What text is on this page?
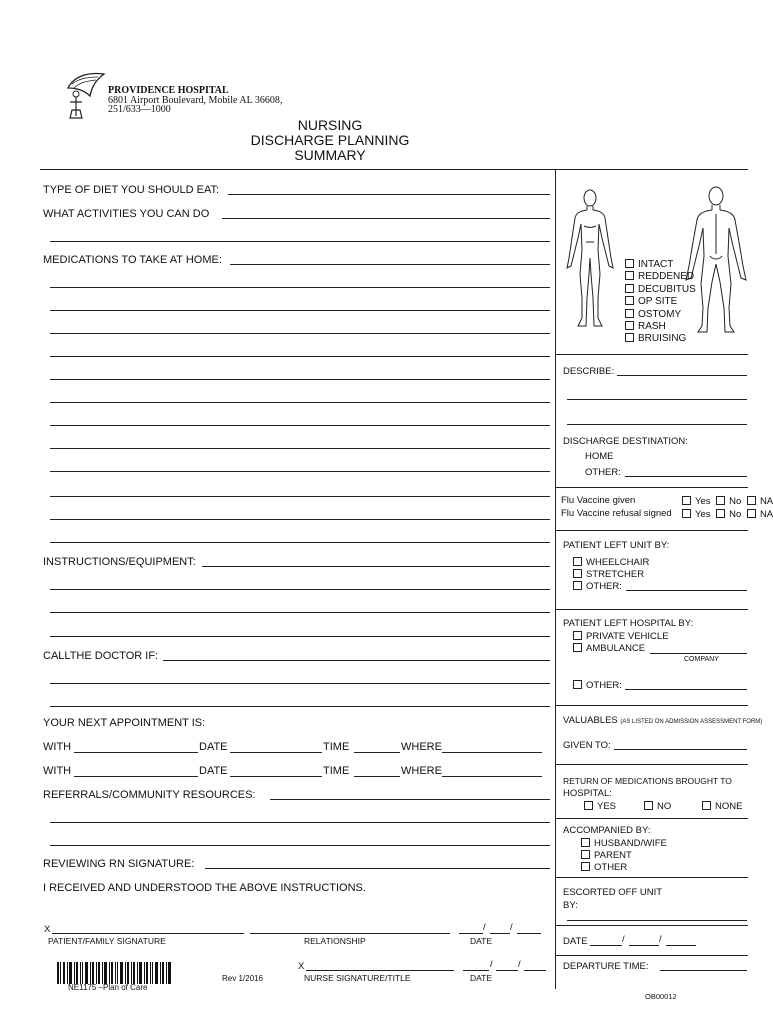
PROVIDENCE HOSPITAL
6801 Airport Boulevard, Mobile AL 36608,
251/633—1000
NURSING
DISCHARGE PLANNING
SUMMARY
TYPE OF DIET YOU SHOULD EAT:
WHAT ACTIVITIES YOU CAN DO
MEDICATIONS TO TAKE AT HOME:
INSTRUCTIONS/EQUIPMENT:
CALLTHE DOCTOR IF:
YOUR NEXT APPOINTMENT IS:
WITH	DATE	TIME	WHERE
WITH	DATE	TIME	WHERE
REFERRALS/COMMUNITY RESOURCES:
REVIEWING RN SIGNATURE:
I RECEIVED AND UNDERSTOOD THE ABOVE INSTRUCTIONS.
X
PATIENT/FAMILY SIGNATURE	RELATIONSHIP
/	/
DATE
NE1175 –Plan of Care
Rev 1/2016
X
NURSE SIGNATURE/TITLE
/	/
DATE
INTACT
REDDENED
DECUBITUS
OP SITE
OSTOMY
RASH
BRUISING
DESCRIBE:
DISCHARGE DESTINATION:
HOME
OTHER:
Flu Vaccine given	Yes No NA
Flu Vaccine refusal signed	Yes No NA
PATIENT LEFT UNIT BY:
WHEELCHAIR
STRETCHER
OTHER:
PATIENT LEFT HOSPITAL BY:
PRIVATE VEHICLE
AMBULANCE
COMPANY
OTHER:
VALUABLES (AS LISTED ON ADMISSION ASSESSMENT FORM)
GIVEN TO:
RETURN OF MEDICATIONS BROUGHT TO
HOSPITAL:
YES	NO	NONE
ACCOMPANIED BY:
HUSBAND/WIFE
PARENT
OTHER
ESCORTED OFF UNIT
BY:
DATE	/	/
DEPARTURE TIME:
OB00012
